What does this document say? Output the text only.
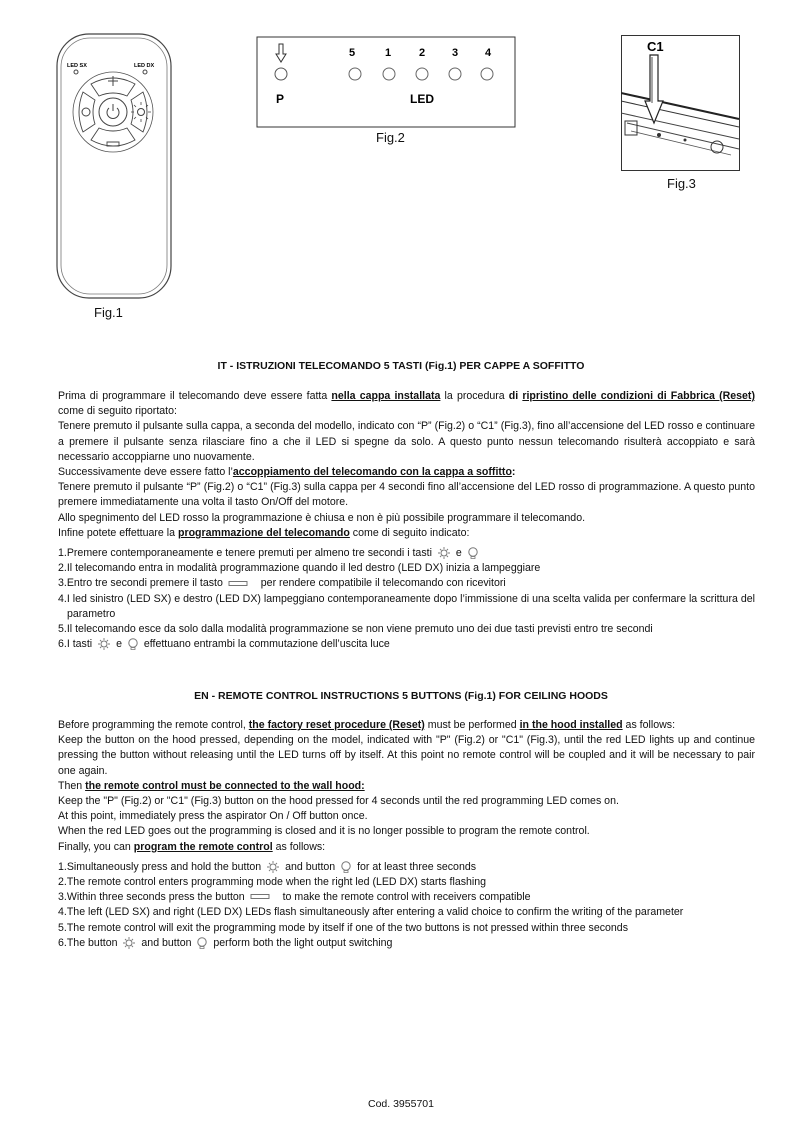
LED SX	LED DX
Fig.1
P
5	1	2 3 4
LED
Fig.2
C1
Fig.3
IT - ISTRUZIONI TELECOMANDO 5 TASTI (Fig.1) PER CAPPE A SOFFITTO

Prima di programmare il telecomando deve essere fatta nella cappa installata la procedura di ripristino delle condizioni di Fabbrica (Reset) come di seguito riportato:

Tenere premuto il pulsante sulla cappa, a seconda del modello, indicato con “P” (Fig.2) o “C1” (Fig.3), fino all’accensione del LED rosso e continuare a premere il pulsante senza rilasciare fino a che il LED si spegne da solo. A questo punto nessun telecomando risulterà accoppiato e sarà necessario accoppiarne uno nuovamente.

Successivamente deve essere fatto l’accoppiamento del telecomando con la cappa a soffitto:

Tenere premuto il pulsante “P” (Fig.2) o “C1” (Fig.3) sulla cappa per 4 secondi fino all’accensione del LED rosso di programmazione. A questo punto premere immediatamente una volta il tasto On/Off del motore.

Allo spegnimento del LED rosso la programmazione è chiusa e non è più possibile programmare il telecomando.

Infine potete effettuare la programmazione del telecomando come di seguito indicato:

1.Premere contemporaneamente e tenere premuti per almeno tre secondi i tasti e
2.Il telecomando entra in modalità programmazione quando il led destro (LED DX) inizia a lampeggiare
3.Entro tre secondi premere il tasto	per rendere compatibile il telecomando con ricevitori
4.I led sinistro (LED SX) e destro (LED DX) lampeggiano contemporaneamente dopo l’immissione di una scelta valida per confermare la scrittura del parametro
5.Il telecomando esce da solo dalla modalità programmazione se non viene premuto uno dei due tasti previsti entro tre secondi
6.I tasti e effettuano entrambi la commutazione dell’uscita luce
EN - REMOTE CONTROL INSTRUCTIONS 5 BUTTONS (Fig.1) FOR CEILING HOODS

Before programming the remote control, the factory reset procedure (Reset) must be performed in the hood installed as follows:

Keep the button on the hood pressed, depending on the model, indicated with "P" (Fig.2) or "C1" (Fig.3), until the red LED lights up and continue pressing the button without releasing until the LED turns off by itself. At this point no remote control will be coupled and it will be necessary to pair one again.

Then the remote control must be connected to the wall hood:

Keep the "P" (Fig.2) or "C1" (Fig.3) button on the hood pressed for 4 seconds until the red programming LED comes on.

At this point, immediately press the aspirator On / Off button once.

When the red LED goes out the programming is closed and it is no longer possible to program the remote control.

Finally, you can program the remote control as follows:

1.Simultaneously press and hold the button and button for at least three seconds
2.The remote control enters programming mode when the right led (LED DX) starts flashing
3.Within three seconds press the button	to make the remote control with receivers compatible
4.The left (LED SX) and right (LED DX) LEDs flash simultaneously after entering a valid choice to confirm the writing of the parameter
5.The remote control will exit the programming mode by itself if one of the two buttons is not pressed within three seconds
6.The button and button perform both the light output switching
Cod. 3955701
